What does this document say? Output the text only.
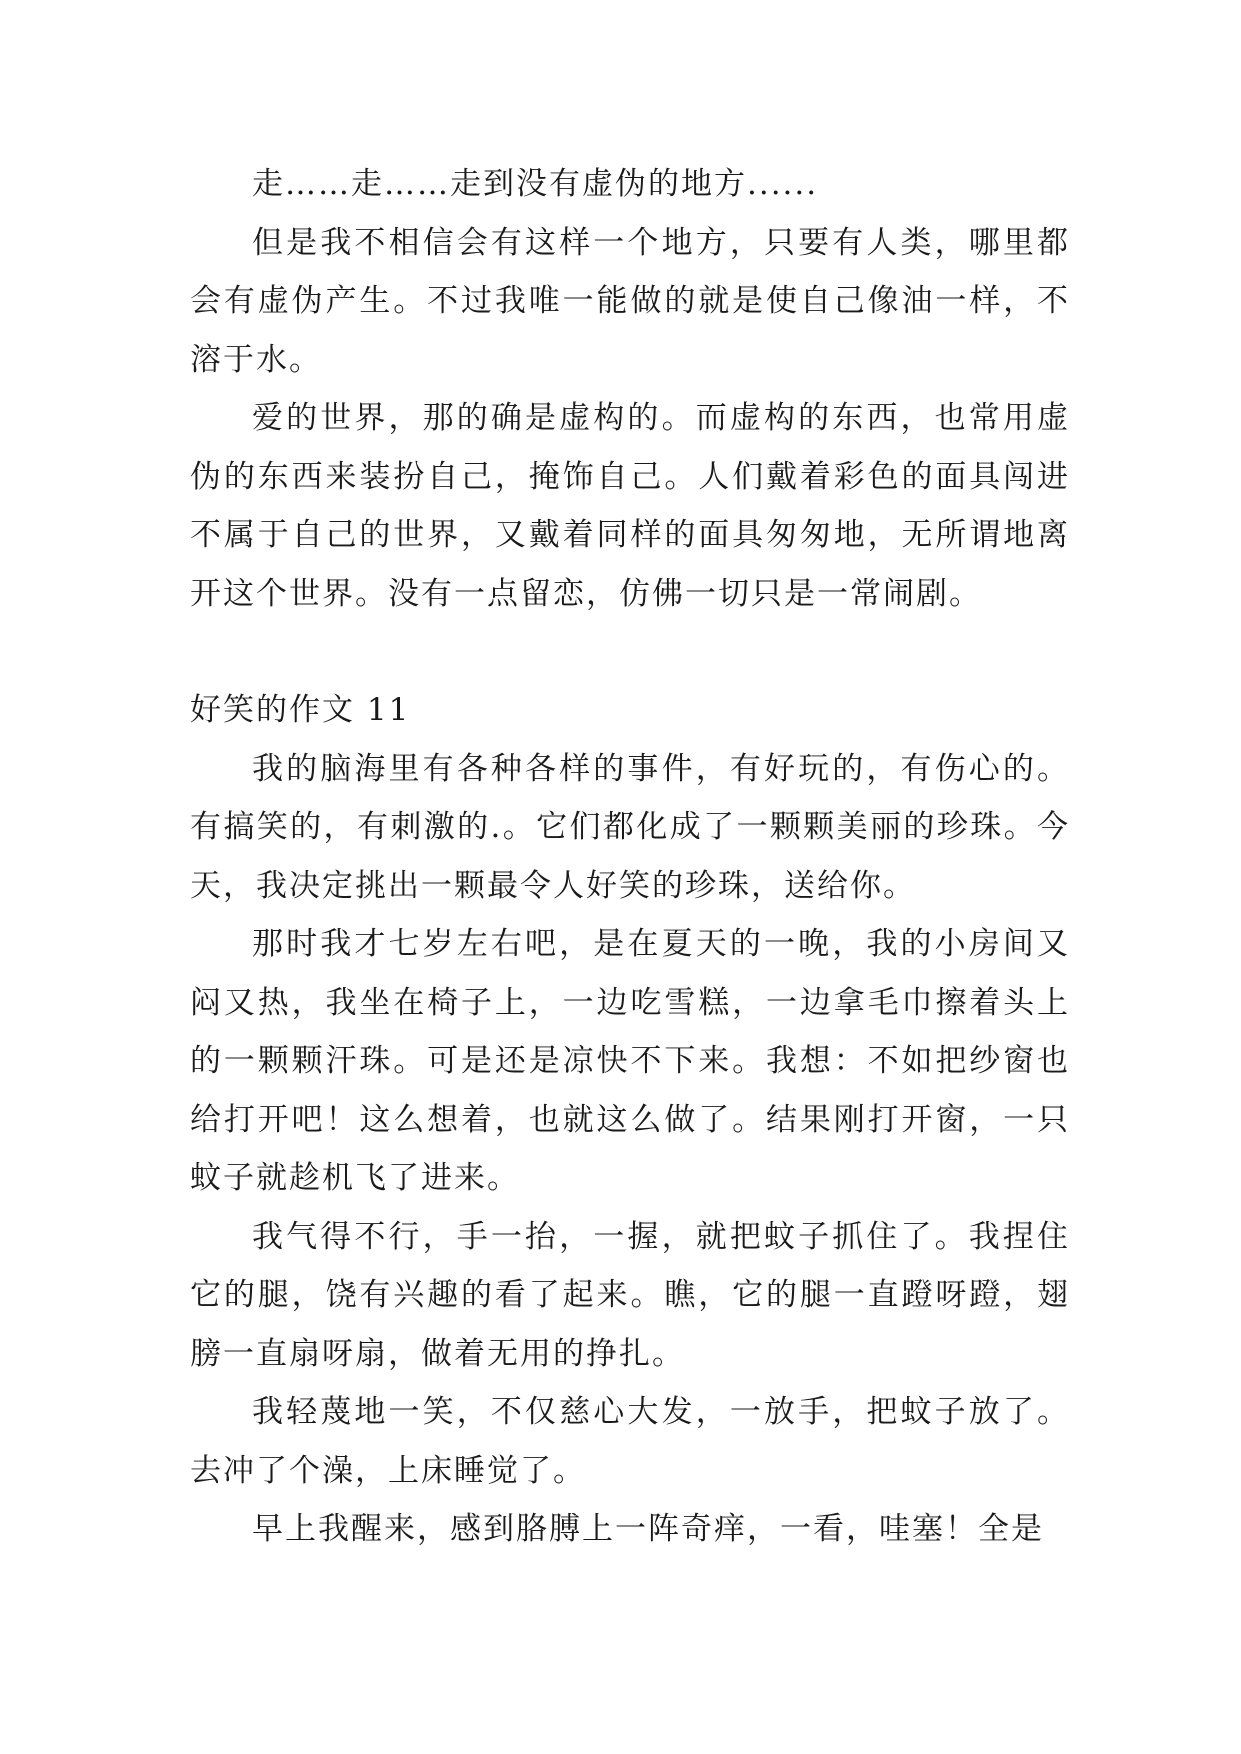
走……走……走到没有虚伪的地方......

但是我不相信会有这样一个地方，只要有人类，哪里都会有虚伪产生。不过我唯一能做的就是使自己像油一样，不溶于水。

爱的世界，那的确是虚构的。而虚构的东西，也常用虚伪的东西来装扮自己，掩饰自己。人们戴着彩色的面具闯进不属于自己的世界，又戴着同样的面具匆匆地，无所谓地离开这个世界。没有一点留恋，仿佛一切只是一常闹剧。

好笑的作文 11

我的脑海里有各种各样的事件，有好玩的，有伤心的。有搞笑的，有刺激的.。它们都化成了一颗颗美丽的珍珠。今天，我决定挑出一颗最令人好笑的珍珠，送给你。

那时我才七岁左右吧，是在夏天的一晚，我的小房间又闷又热，我坐在椅子上，一边吃雪糕，一边拿毛巾擦着头上的一颗颗汗珠。可是还是凉快不下来。我想：不如把纱窗也给打开吧！这么想着，也就这么做了。结果刚打开窗，一只蚊子就趁机飞了进来。

我气得不行，手一抬，一握，就把蚊子抓住了。我捏住它的腿，饶有兴趣的看了起来。瞧，它的腿一直蹬呀蹬，翅膀一直扇呀扇，做着无用的挣扎。

我轻蔑地一笑，不仅慈心大发，一放手，把蚊子放了。去冲了个澡，上床睡觉了。

早上我醒来，感到胳膊上一阵奇痒，一看，哇塞！全是
